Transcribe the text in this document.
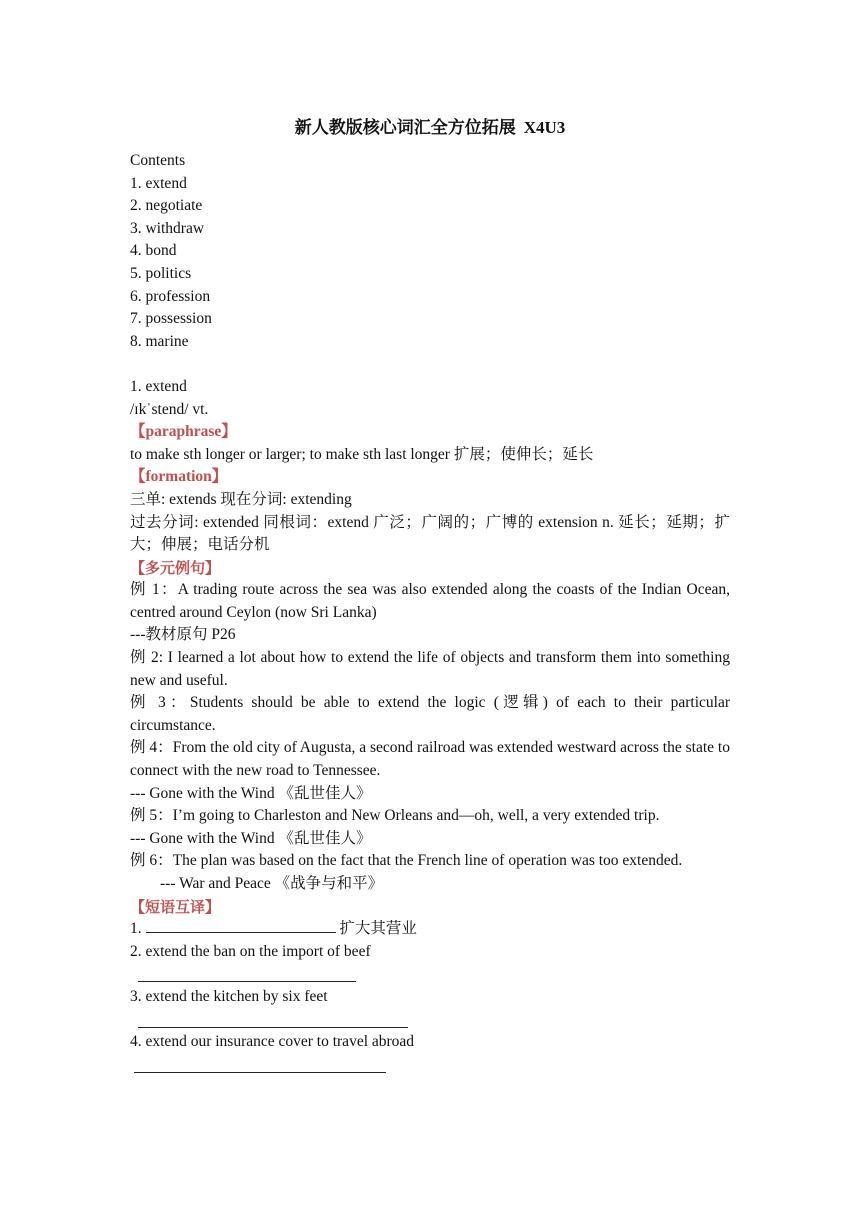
新人教版核心词汇全方位拓展 X4U3
Contents
1. extend
2. negotiate
3. withdraw
4. bond
5. politics
6. profession
7. possession
8. marine
1. extend
/ɪkˈstend/ vt.
【paraphrase】
to make sth longer or larger; to make sth last longer 扩展；使伸长；延长
【formation】
三单: extends 现在分词: extending
过去分词: extended 同根词：extend 广泛；广阔的；广博的 extension n. 延长；延期；扩大；伸展；电话分机
【多元例句】
例 1：A trading route across the sea was also extended along the coasts of the Indian Ocean, centred around Ceylon (now Sri Lanka)
---教材原句 P26
例 2: I learned a lot about how to extend the life of objects and transform them into something new and useful.
例 3：Students should be able to extend the logic (逻辑) of each to their particular circumstance.
例 4：From the old city of Augusta, a second railroad was extended westward across the state to connect with the new road to Tennessee.
--- Gone with the Wind 《乱世佳人》
例 5：I’m going to Charleston and New Orleans and—oh, well, a very extended trip.
--- Gone with the Wind 《乱世佳人》
例 6：The plan was based on the fact that the French line of operation was too extended.
--- War and Peace 《战争与和平》
【短语互译】
1.	扩大其营业
2. extend the ban on the import of beef
3. extend the kitchen by six feet
4. extend our insurance cover to travel abroad
